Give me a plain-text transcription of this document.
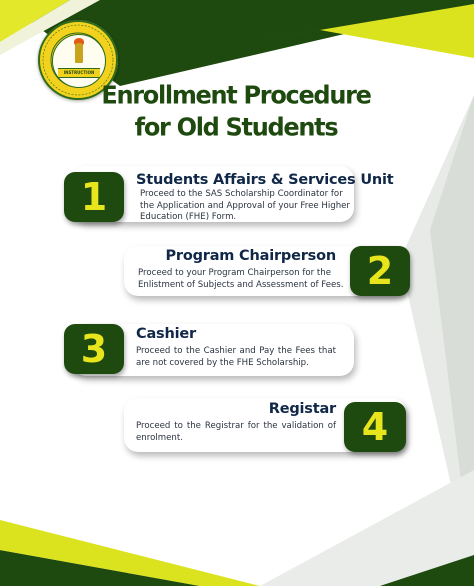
INSTRUCTION
Enrollment Procedure
for Old Students
1	Students Affairs & Services Unit
Proceed to the SAS Scholarship Coordinator for the Application and Approval of your Free Higher Education (FHE) Form.
2
Program Chairperson
Proceed to your Program Chairperson for the Enlistment of Subjects and Assessment of Fees.
3	Cashier
Proceed to the Cashier and Pay the Fees that are not covered by the FHE Scholarship.
4
Registar
Proceed to the Registrar for the validation of enrolment.
